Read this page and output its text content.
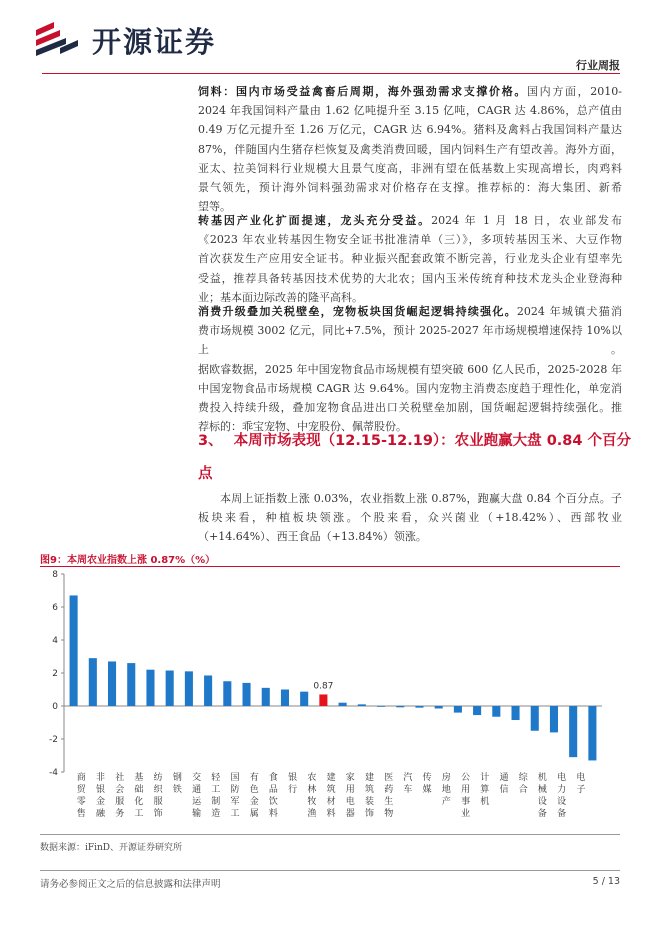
开源证券
行业周报
饲料：国内市场受益禽畜后周期，海外强劲需求支撑价格。国内方面，2010-
2024 年我国饲料产量由 1.62 亿吨提升至 3.15 亿吨，CAGR 达 4.86%，总产值由
0.49 万亿元提升至 1.26 万亿元，CAGR 达 6.94%。猪料及禽料占我国饲料产量达
87%，伴随国内生猪存栏恢复及禽类消费回暖，国内饲料生产有望改善。海外方面，
亚太、拉美饲料行业规模大且景气度高，非洲有望在低基数上实现高增长，肉鸡料
景气领先，预计海外饲料强劲需求对价格存在支撑。推荐标的：海大集团、新希
望等。
转基因产业化扩面提速，龙头充分受益。2024 年 1 月 18 日，农业部发布
《2023 年农业转基因生物安全证书批准清单（三）》，多项转基因玉米、大豆作物
首次获发生产应用安全证书。种业振兴配套政策不断完善，行业龙头企业有望率先
受益，推荐具备转基因技术优势的大北农；国内玉米传统育种技术龙头企业登海种
业；基本面边际改善的隆平高科。
消费升级叠加关税壁垒，宠物板块国货崛起逻辑持续强化。2024 年城镇犬猫消
费市场规模 3002 亿元，同比+7.5%，预计 2025-2027 年市场规模增速保持 10%以上。
据欧睿数据，2025 年中国宠物食品市场规模有望突破 600 亿人民币，2025-2028 年
中国宠物食品市场规模 CAGR 达 9.64%。国内宠物主消费态度趋于理性化，单宠消
费投入持续升级，叠加宠物食品进出口关税壁垒加剧，国货崛起逻辑持续强化。推
荐标的：乖宝宠物、中宠股份、佩蒂股份。
3、 本周市场表现（12.15-12.19）：农业跑赢大盘 0.84 个百分
点
本周上证指数上涨 0.03%，农业指数上涨 0.87%，跑赢大盘 0.84 个百分点。子
板块来看，种植板块领涨。个股来看，众兴菌业（+18.42%）、西部牧业
（+14.64%）、西王食品（+13.84%）领涨。
图9：本周农业指数上涨 0.87%（%）
-4
-2
0
2
4
6
8
0.87
商
贸
零
售
非
银
金
融
社
会
服
务
基
础
化
工
纺
织
服
饰
钢
铁
交
通
运
输
轻
工
制
造
国
防
军
工
有
色
金
属
食
品
饮
料
银
行
农
林
牧
渔
建
筑
材
料
家
用
电
器
建
筑
装
饰
医
药
生
物
汽
车
传
媒
房
地
产
公
用
事
业
计
算
机
通
信
综
合
机
械
设
备
电
力
设
备
电
子
数据来源：iFinD、开源证券研究所
请务必参阅正文之后的信息披露和法律声明	5 / 13
